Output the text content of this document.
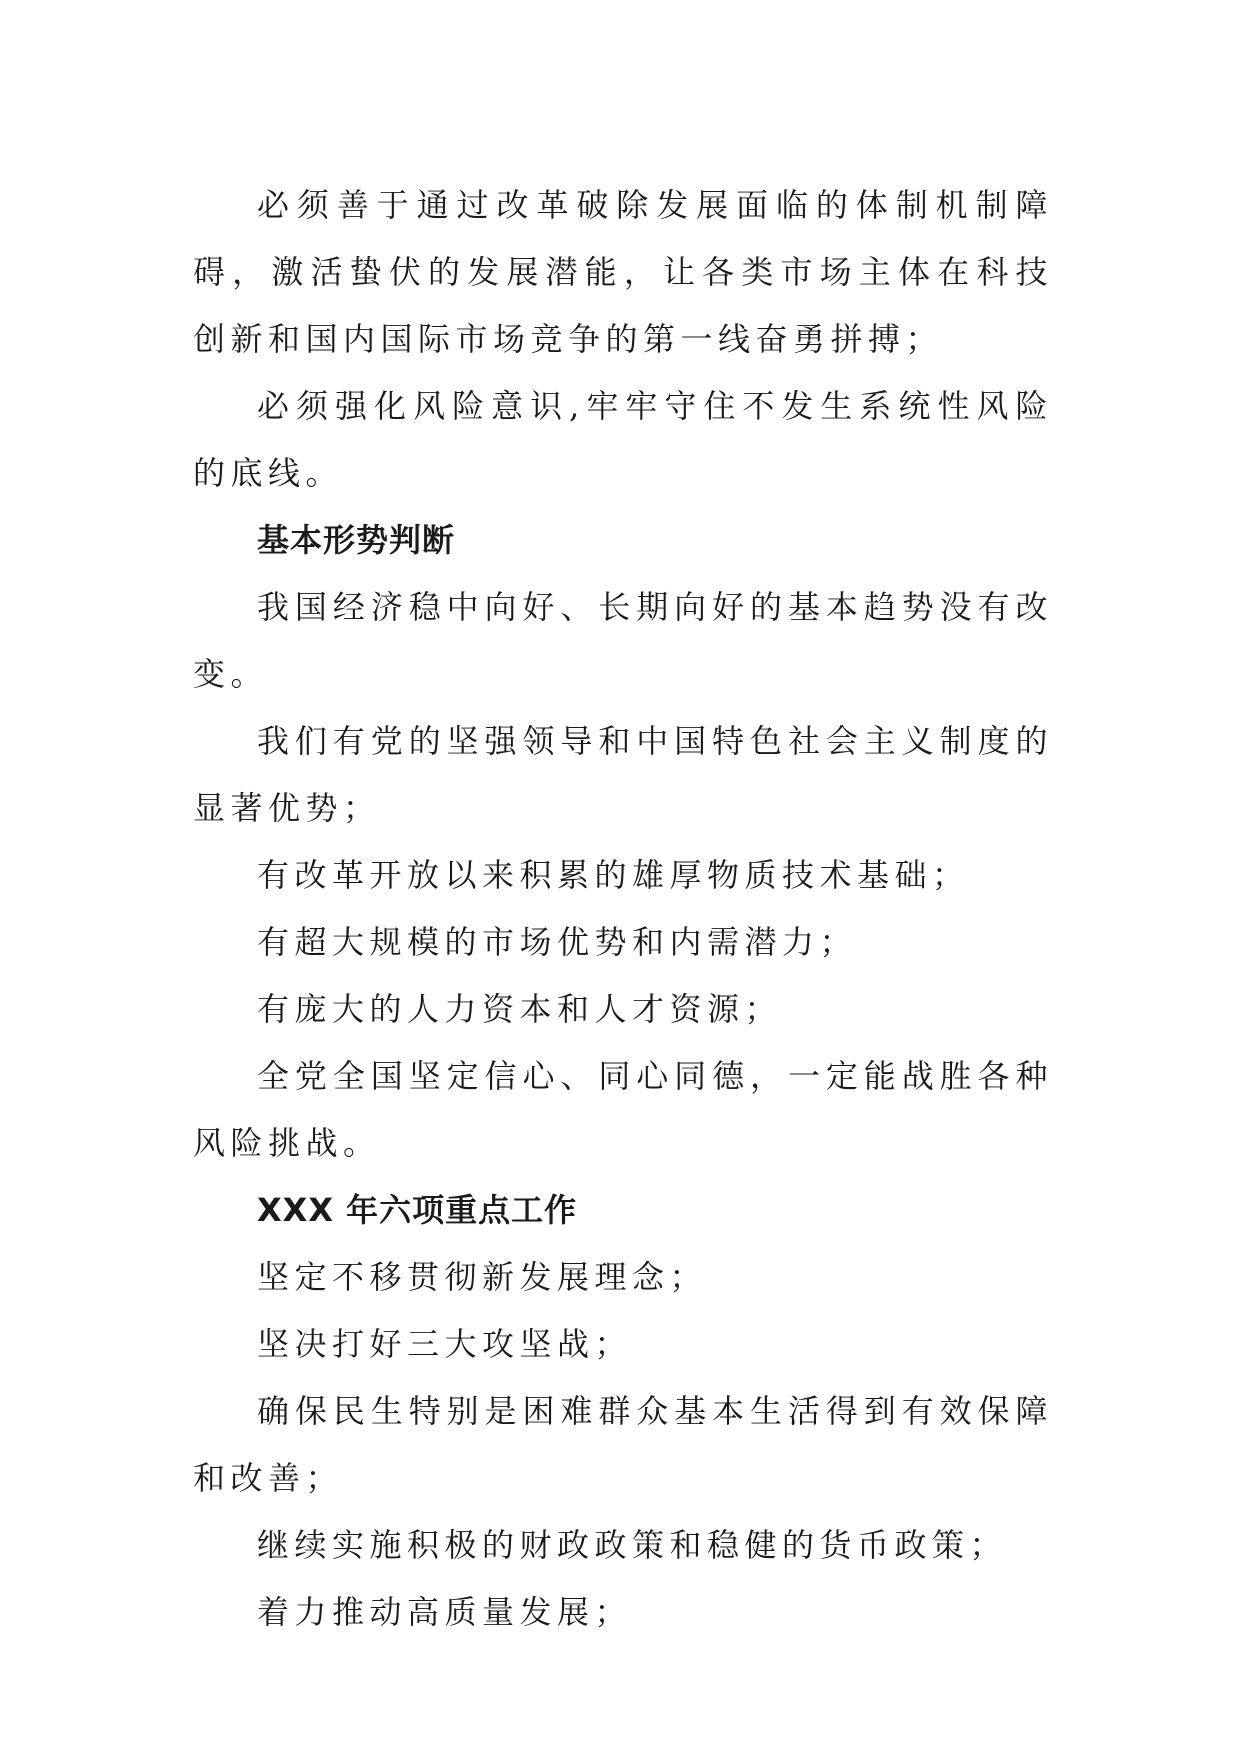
必须善于通过改革破除发展面临的体制机制障碍，激活蛰伏的发展潜能，让各类市场主体在科技创新和国内国际市场竞争的第一线奋勇拼搏；

必须强化风险意识,牢牢守住不发生系统性风险的底线。

基本形势判断

我国经济稳中向好、长期向好的基本趋势没有改变。

我们有党的坚强领导和中国特色社会主义制度的显著优势；

有改革开放以来积累的雄厚物质技术基础；

有超大规模的市场优势和内需潜力；

有庞大的人力资本和人才资源；

全党全国坚定信心、同心同德，一定能战胜各种风险挑战。

XXX 年六项重点工作

坚定不移贯彻新发展理念；

坚决打好三大攻坚战；

确保民生特别是困难群众基本生活得到有效保障和改善；

继续实施积极的财政政策和稳健的货币政策；

着力推动高质量发展；
